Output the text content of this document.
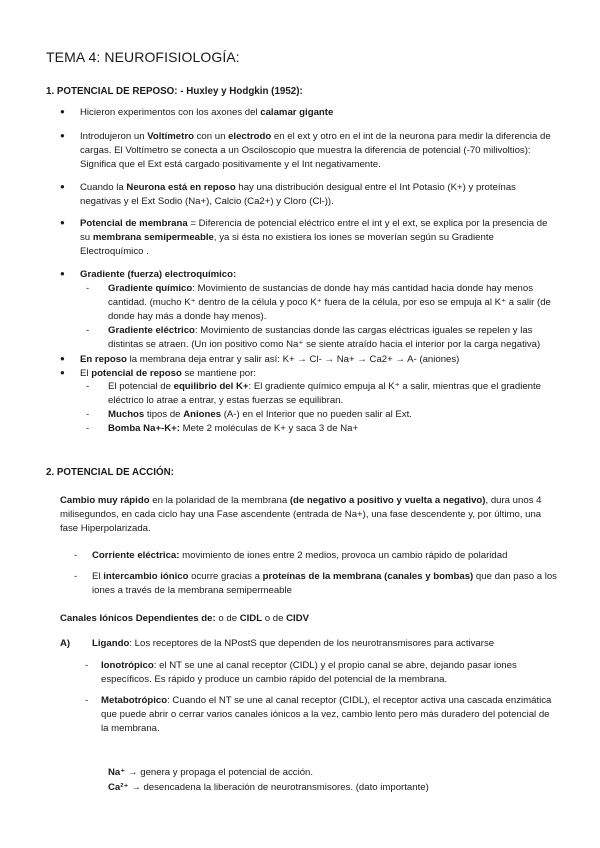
TEMA 4: NEUROFISIOLOGÍA:
1. POTENCIAL DE REPOSO: - Huxley y Hodgkin (1952):
● Hicieron experimentos con los axones del calamar gigante
● Introdujeron un Voltímetro con un electrodo en el ext y otro en el int de la neurona para medir la diferencia de cargas. El Voltímetro se conecta a un Osciloscopio que muestra la diferencia de potencial (-70 milivoltios): Significa que el Ext está cargado positivamente y el Int negativamente.
● Cuando la Neurona está en reposo hay una distribución desigual entre el Int Potasio (K+) y proteínas negativas y el Ext Sodio (Na+), Calcio (Ca2+) y Cloro (Cl-)).
● Potencial de membrana = Diferencia de potencial eléctrico entre el int y el ext, se explica por la presencia de su membrana semipermeable, ya si ésta no existiera los iones se moverían según su Gradiente Electroquímico .
● Gradiente (fuerza) electroquímico:
- Gradiente químico: Movimiento de sustancias de donde hay más cantidad hacia donde hay menos cantidad. (mucho K⁺ dentro de la célula y poco K⁺ fuera de la célula, por eso se empuja al K⁺ a salir (de donde hay más a donde hay menos).
- Gradiente eléctrico: Movimiento de sustancias donde las cargas eléctricas iguales se repelen y las distintas se atraen. (Un ion positivo como Na⁺ se siente atraído hacia el interior por la carga negativa)
● En reposo la membrana deja entrar y salir así: K+ → Cl- → Na+ → Ca2+ → A- (aniones)
● El potencial de reposo se mantiene por:
- El potencial de equilibrio del K+: El gradiente químico empuja al K⁺ a salir, mientras que el gradiente eléctrico lo atrae a entrar, y estas fuerzas se equilibran.
- Muchos tipos de Aniones (A-) en el Interior que no pueden salir al Ext.
- Bomba Na+-K+: Mete 2 moléculas de K+ y saca 3 de Na+
2. POTENCIAL DE ACCIÓN:
Cambio muy rápido en la polaridad de la membrana (de negativo a positivo y vuelta a negativo), dura unos 4 milisegundos, en cada ciclo hay una Fase ascendente (entrada de Na+), una fase descendente y, por último, una fase Hiperpolarizada.
- Corriente eléctrica: movimiento de iones entre 2 medios, provoca un cambio rápido de polaridad
- El intercambio iónico ocurre gracias a proteínas de la membrana (canales y bombas) que dan paso a los iones a través de la membrana semipermeable
Canales Iónicos Dependientes de: o de CIDL o de CIDV
A) Ligando: Los receptores de la NPostS que dependen de los neurotransmisores para activarse
- Ionotrópico: el NT se une al canal receptor (CIDL) y el propio canal se abre, dejando pasar iones específicos. Es rápido y produce un cambio rápido del potencial de la membrana.
- Metabotrópico: Cuando el NT se une al canal receptor (CIDL), el receptor activa una cascada enzimática que puede abrir o cerrar varios canales iónicos a la vez, cambio lento pero más duradero del potencial de la membrana.
Na⁺ → genera y propaga el potencial de acción.
Ca²⁺ → desencadena la liberación de neurotransmisores. (dato importante)
